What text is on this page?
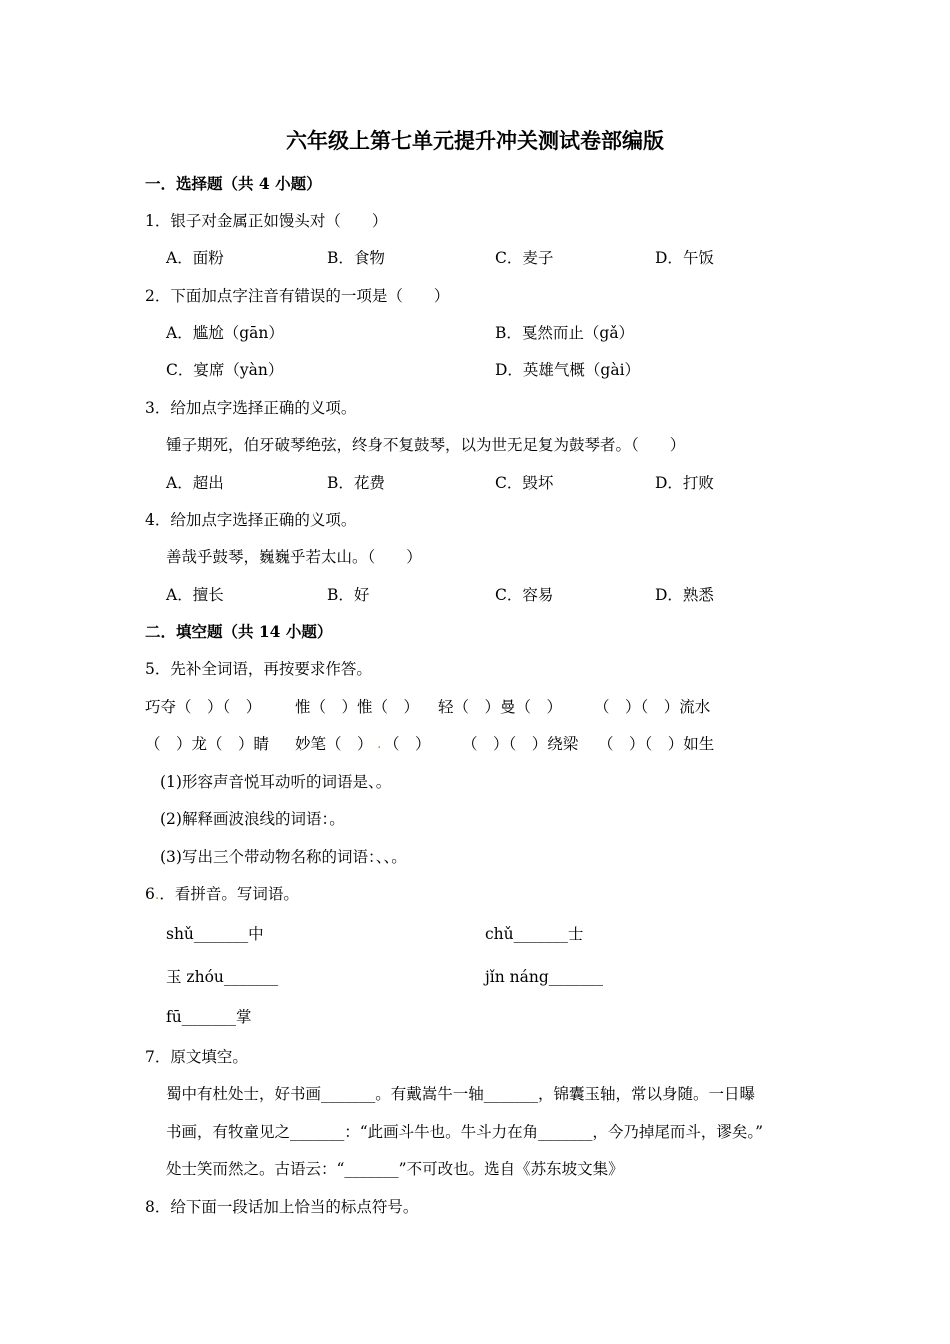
六年级上第七单元提升冲关测试卷部编版
一．选择题（共 4 小题）
1．银子对金属正如馒头对（　　）
A．面粉	B．食物	C．麦子	D．午饭
2．下面加点字注音有错误的一项是（　　）
A．尴尬（gān）	B．戛然而止（gǎ）
C．宴席（yàn）	D．英雄气概（gài）
3．给加点字选择正确的义项。
锺子期死，伯牙破琴绝弦，终身不复鼓琴，以为世无足复为鼓琴者。（　　）
A．超出	B．花费	C．毁坏	D．打败
4．给加点字选择正确的义项。
善哉乎鼓琴，巍巍乎若太山。（　　）
A．擅长	B．好	C．容易	D．熟悉
二．填空题（共 14 小题）
5．先补全词语，再按要求作答。
巧夺（　）（　） 惟（　）惟（　） 轻（　）曼（　） （　）（　）流水
（　）龙（　）睛 妙笔（　） . （　） （　）（　）绕梁 （　）（　）如生
(1)形容声音悦耳动听的词语是、。
(2)解释画波浪线的词语：。
(3)写出三个带动物名称的词语：、、。
6.．看拼音。写词语。
shǔ_______中	chǔ_______士
玉 zhóu_______	jǐn náng_______
fū_______掌
7．原文填空。
蜀中有杜处士，好书画_______。有戴嵩牛一轴_______，锦囊玉轴，常以身随。一日曝
书画，有牧童见之_______：“此画斗牛也。牛斗力在角_______，今乃掉尾而斗，谬矣。”
处士笑而然之。古语云：“_______”不可改也。选自《苏东坡文集》
8．给下面一段话加上恰当的标点符号。
